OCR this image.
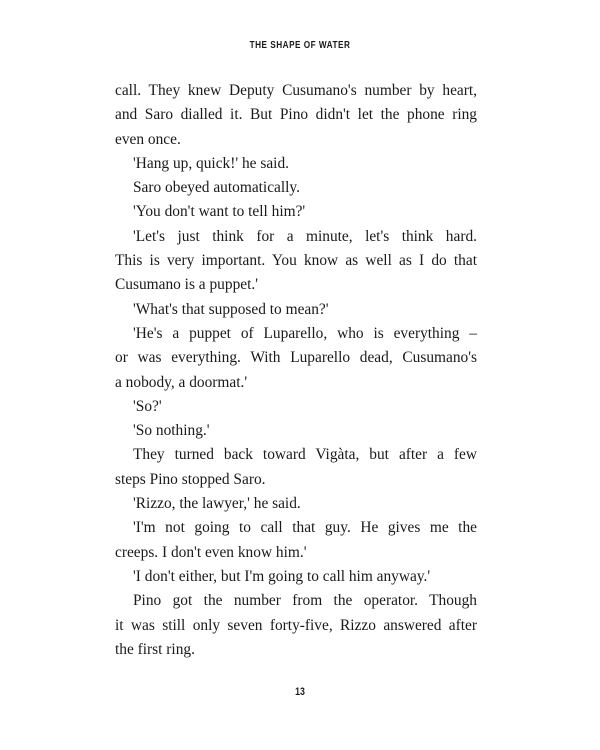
THE SHAPE OF WATER
call. They knew Deputy Cusumano's number by heart,
and Saro dialled it. But Pino didn't let the phone ring
even once.
'Hang up, quick!' he said.
Saro obeyed automatically.
'You don't want to tell him?'
'Let's just think for a minute, let's think hard.
This is very important. You know as well as I do that
Cusumano is a puppet.'
'What's that supposed to mean?'
'He's a puppet of Luparello, who is everything –
or was everything. With Luparello dead, Cusumano's
a nobody, a doormat.'
'So?'
'So nothing.'
They turned back toward Vigàta, but after a few
steps Pino stopped Saro.
'Rizzo, the lawyer,' he said.
'I'm not going to call that guy. He gives me the
creeps. I don't even know him.'
'I don't either, but I'm going to call him anyway.'
Pino got the number from the operator. Though
it was still only seven forty-five, Rizzo answered after
the first ring.
13
